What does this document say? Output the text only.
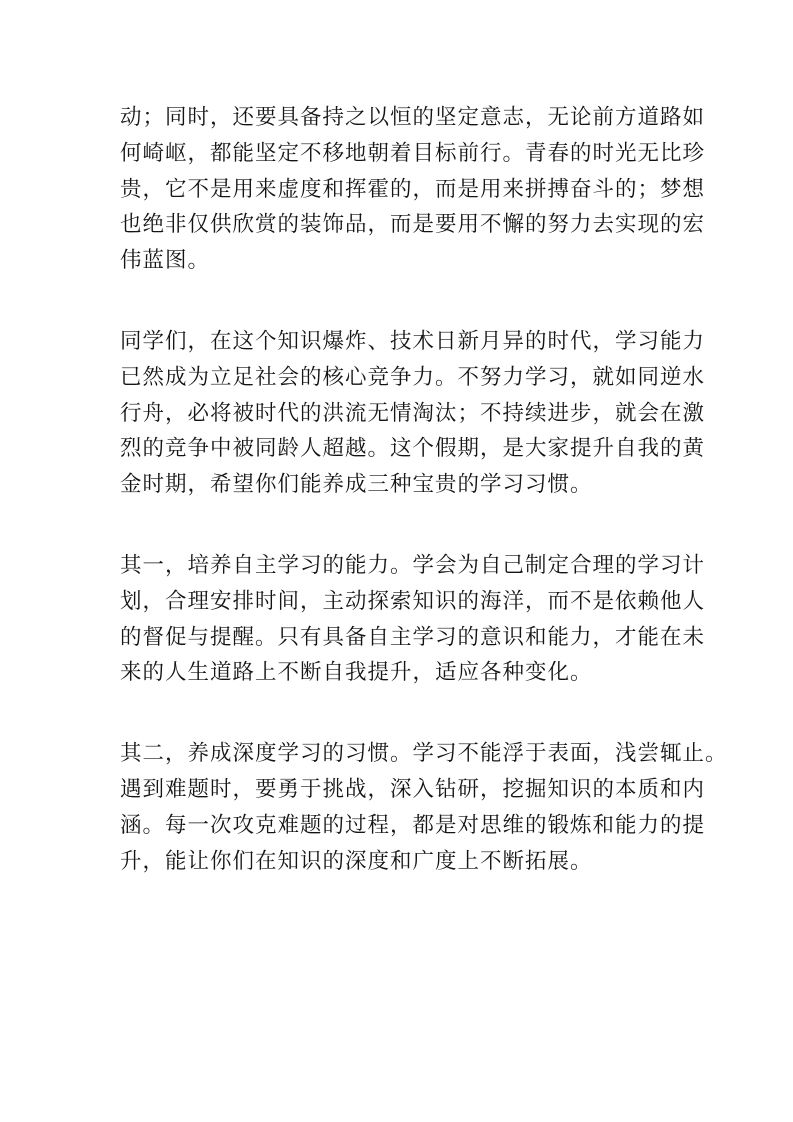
动；同时，还要具备持之以恒的坚定意志，无论前方道路如
何崎岖，都能坚定不移地朝着目标前行。青春的时光无比珍
贵，它不是用来虚度和挥霍的，而是用来拼搏奋斗的；梦想
也绝非仅供欣赏的装饰品，而是要用不懈的努力去实现的宏
伟蓝图。

同学们，在这个知识爆炸、技术日新月异的时代，学习能力
已然成为立足社会的核心竞争力。不努力学习，就如同逆水
行舟，必将被时代的洪流无情淘汰；不持续进步，就会在激
烈的竞争中被同龄人超越。这个假期，是大家提升自我的黄
金时期，希望你们能养成三种宝贵的学习习惯。

其一，培养自主学习的能力。学会为自己制定合理的学习计
划，合理安排时间，主动探索知识的海洋，而不是依赖他人
的督促与提醒。只有具备自主学习的意识和能力，才能在未
来的人生道路上不断自我提升，适应各种变化。

其二，养成深度学习的习惯。学习不能浮于表面，浅尝辄止。
遇到难题时，要勇于挑战，深入钻研，挖掘知识的本质和内
涵。每一次攻克难题的过程，都是对思维的锻炼和能力的提
升，能让你们在知识的深度和广度上不断拓展。
